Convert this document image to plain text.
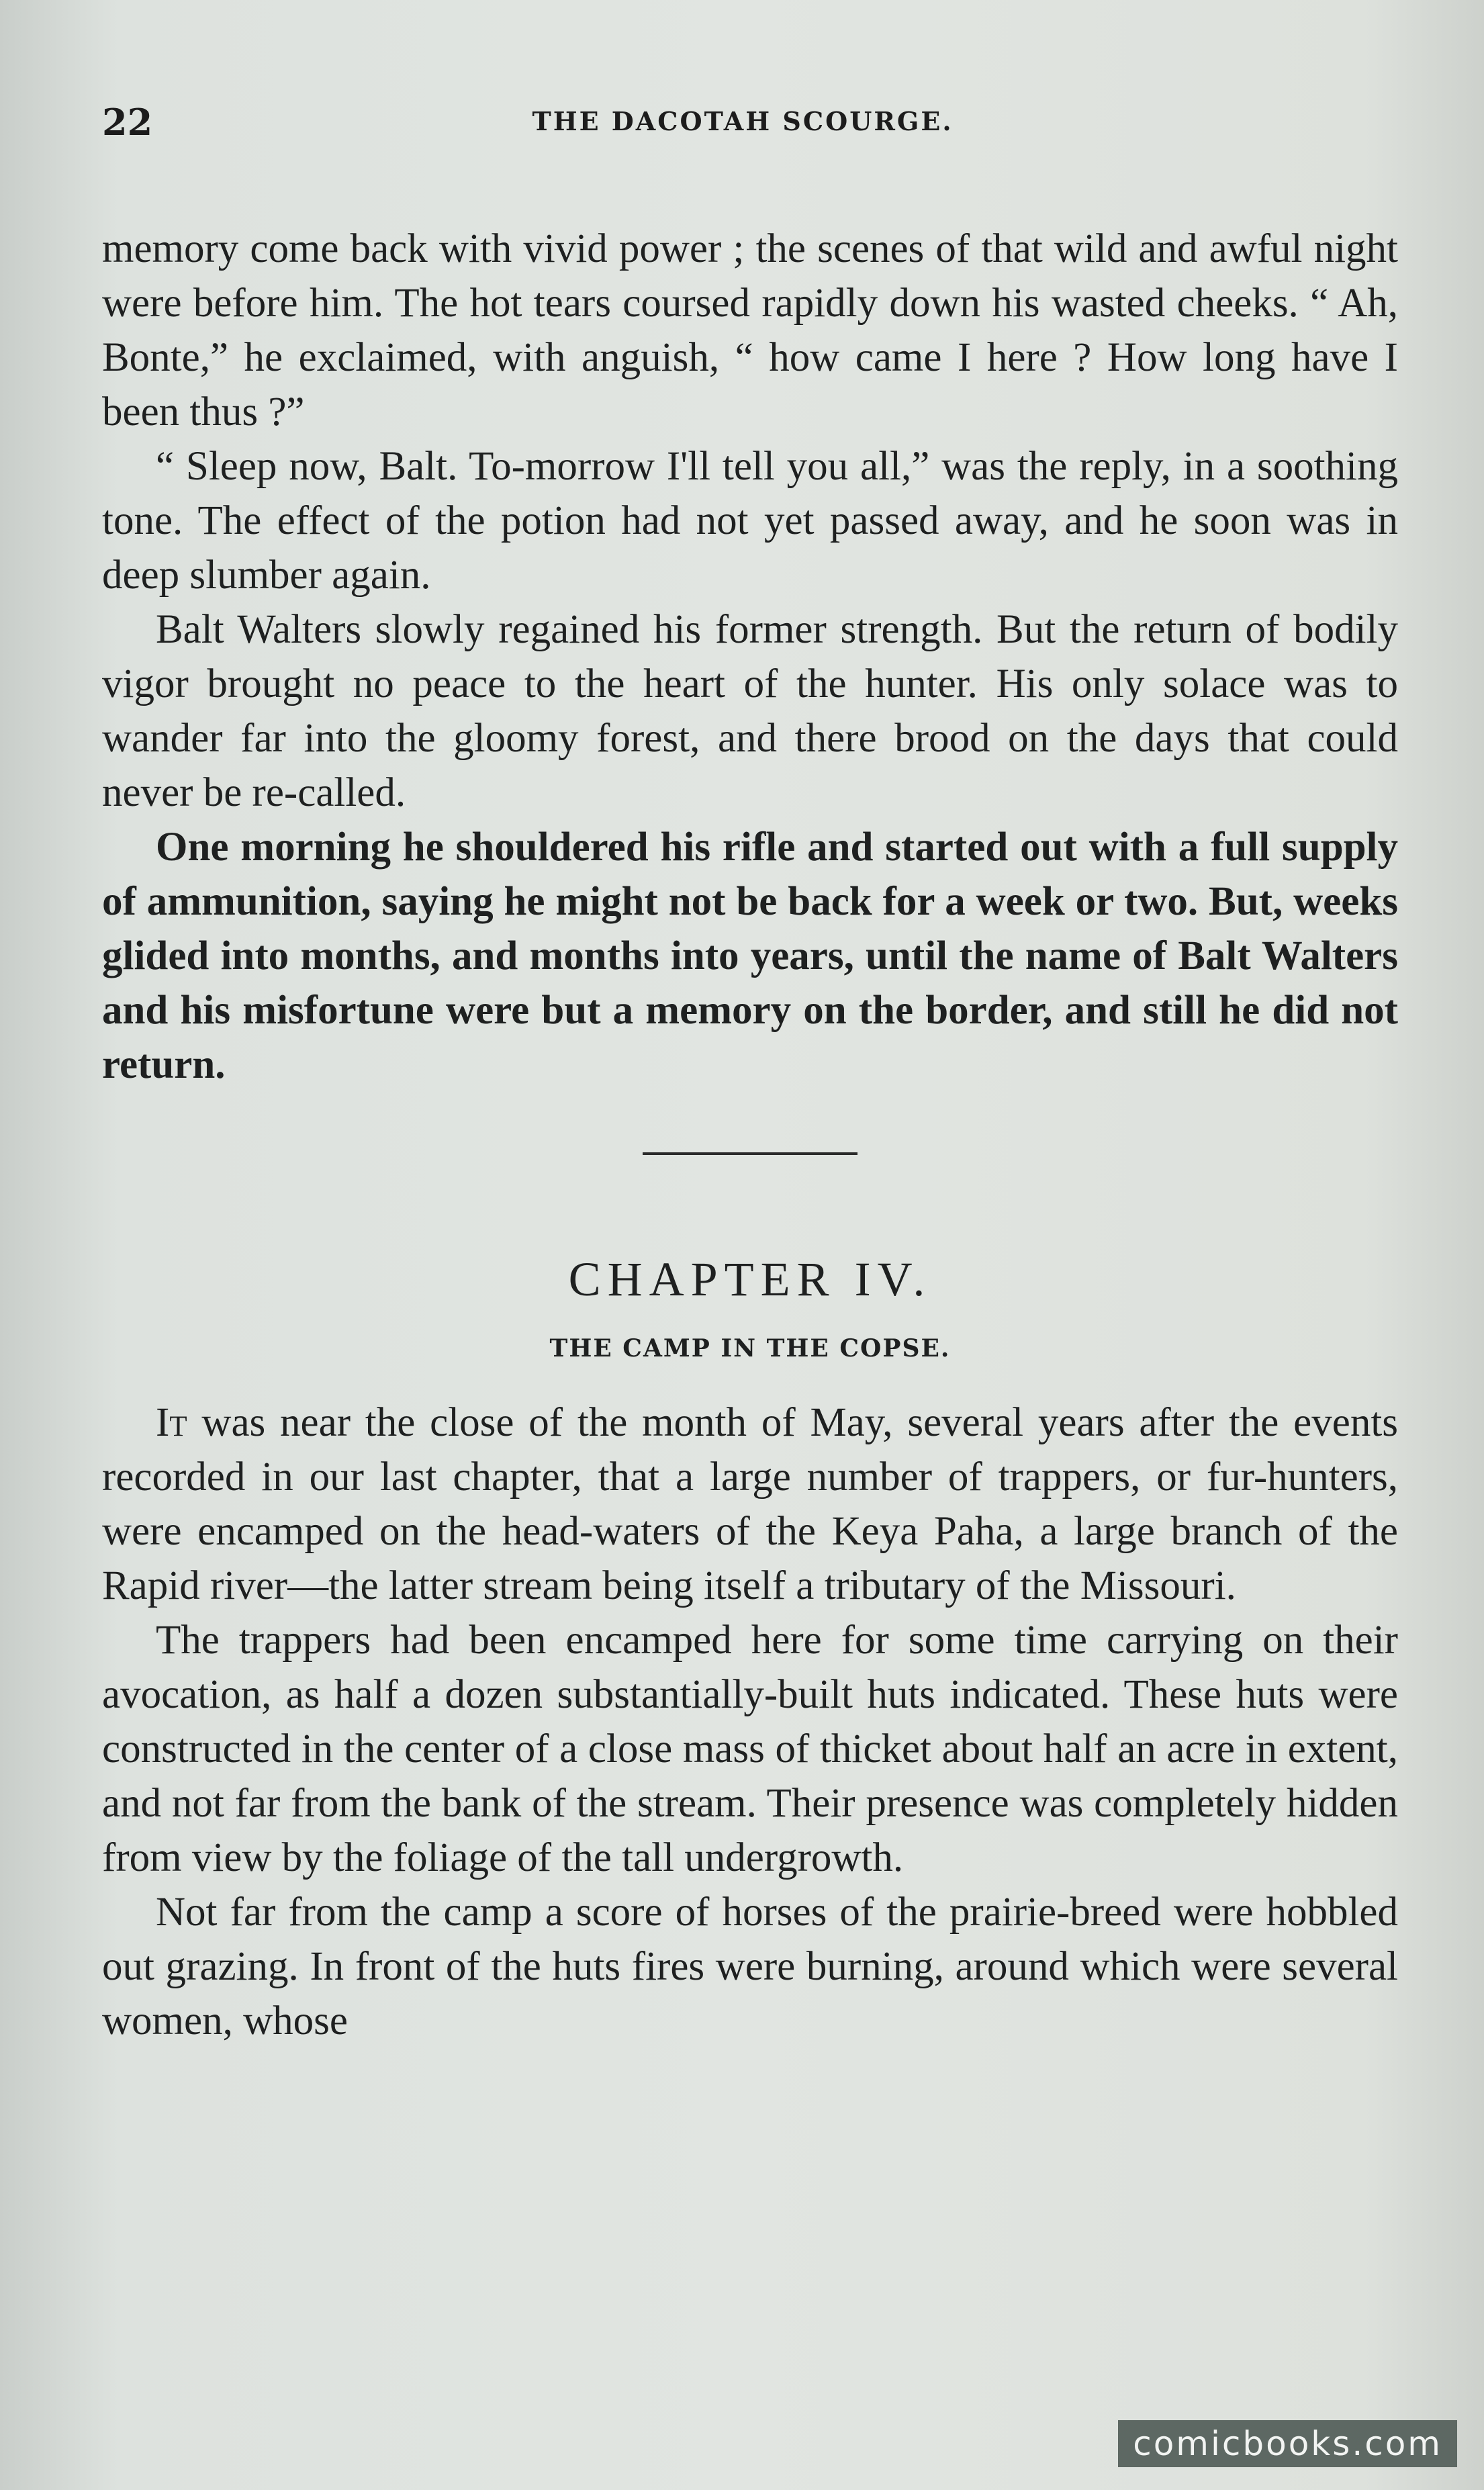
22	THE DACOTAH SCOURGE.

memory come back with vivid power ; the scenes of that wild and awful night were before him. The hot tears coursed rapidly down his wasted cheeks. “ Ah, Bonte,” he exclaimed, with anguish, “ how came I here ? How long have I been thus ?”

“ Sleep now, Balt. To-morrow I'll tell you all,” was the reply, in a soothing tone. The effect of the potion had not yet passed away, and he soon was in deep slumber again.

Balt Walters slowly regained his former strength. But the return of bodily vigor brought no peace to the heart of the hunter. His only solace was to wander far into the gloomy forest, and there brood on the days that could never be re-called.

One morning he shouldered his rifle and started out with a full supply of ammunition, saying he might not be back for a week or two. But, weeks glided into months, and months into years, until the name of Balt Walters and his misfortune were but a memory on the border, and still he did not return.

CHAPTER IV.
THE CAMP IN THE COPSE.

It was near the close of the month of May, several years after the events recorded in our last chapter, that a large number of trappers, or fur-hunters, were encamped on the head-waters of the Keya Paha, a large branch of the Rapid river—the latter stream being itself a tributary of the Missouri.

The trappers had been encamped here for some time carrying on their avocation, as half a dozen substantially-built huts indicated. These huts were constructed in the center of a close mass of thicket about half an acre in extent, and not far from the bank of the stream. Their presence was completely hidden from view by the foliage of the tall undergrowth.

Not far from the camp a score of horses of the prairie-breed were hobbled out grazing. In front of the huts fires were burning, around which were several women, whose

comicbooks.com
